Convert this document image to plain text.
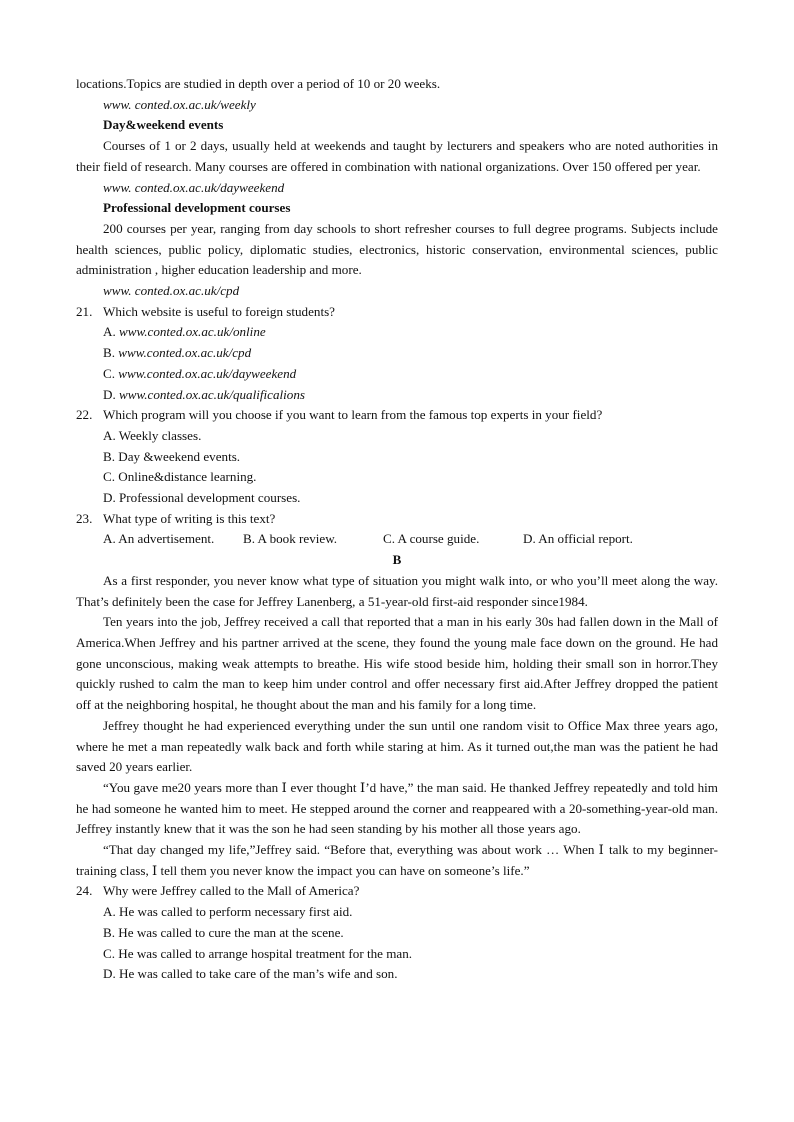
locations.Topics are studied in depth over a period of 10 or 20 weeks.

www. conted.ox.ac.uk/weekly

Day&weekend events

Courses of 1 or 2 days, usually held at weekends and taught by lecturers and speakers who are noted authorities in their field of research. Many courses are offered in combination with national organizations. Over 150 offered per year.

www. conted.ox.ac.uk/dayweekend

Professional development courses

200 courses per year, ranging from day schools to short refresher courses to full degree programs. Subjects include health sciences, public policy, diplomatic studies, electronics, historic conservation, environmental sciences, public administration , higher education leadership and more.

www. conted.ox.ac.uk/cpd

21. Which website is useful to foreign students?

A. www.conted.ox.ac.uk/online

B. www.conted.ox.ac.uk/cpd

C. www.conted.ox.ac.uk/dayweekend

D. www.conted.ox.ac.uk/qualificalions

22. Which program will you choose if you want to learn from the famous top experts in your field?

A. Weekly classes.

B. Day &weekend events.

C. Online&distance learning.

D. Professional development courses.

23. What type of writing is this text?

A. An advertisement.	B. A book review.	C. A course guide.	D. An official report.

B

As a first responder, you never know what type of situation you might walk into, or who you’ll meet along the way. That’s definitely been the case for Jeffrey Lanenberg, a 51-year-old first-aid responder since1984.

Ten years into the job, Jeffrey received a call that reported that a man in his early 30s had fallen down in the Mall of America.When Jeffrey and his partner arrived at the scene, they found the young male face down on the ground. He had gone unconscious, making weak attempts to breathe. His wife stood beside him, holding their small son in horror.They quickly rushed to calm the man to keep him under control and offer necessary first aid.After Jeffrey dropped the patient off at the neighboring hospital, he thought about the man and his family for a long time.

Jeffrey thought he had experienced everything under the sun until one random visit to Office Max three years ago, where he met a man repeatedly walk back and forth while staring at him. As it turned out,the man was the patient he had saved 20 years earlier.

“You gave me20 years more than Ⅰ ever thought Ⅰ’d have,” the man said. He thanked Jeffrey repeatedly and told him he had someone he wanted him to meet. He stepped around the corner and reappeared with a 20-something-year-old man. Jeffrey instantly knew that it was the son he had seen standing by his mother all those years ago.

“That day changed my life,”Jeffrey said. “Before that, everything was about work … When Ⅰ talk to my beginner-training class, Ⅰ tell them you never know the impact you can have on someone’s life.”

24. Why were Jeffrey called to the Mall of America?

A. He was called to perform necessary first aid.

B. He was called to cure the man at the scene.

C. He was called to arrange hospital treatment for the man.

D. He was called to take care of the man’s wife and son.
